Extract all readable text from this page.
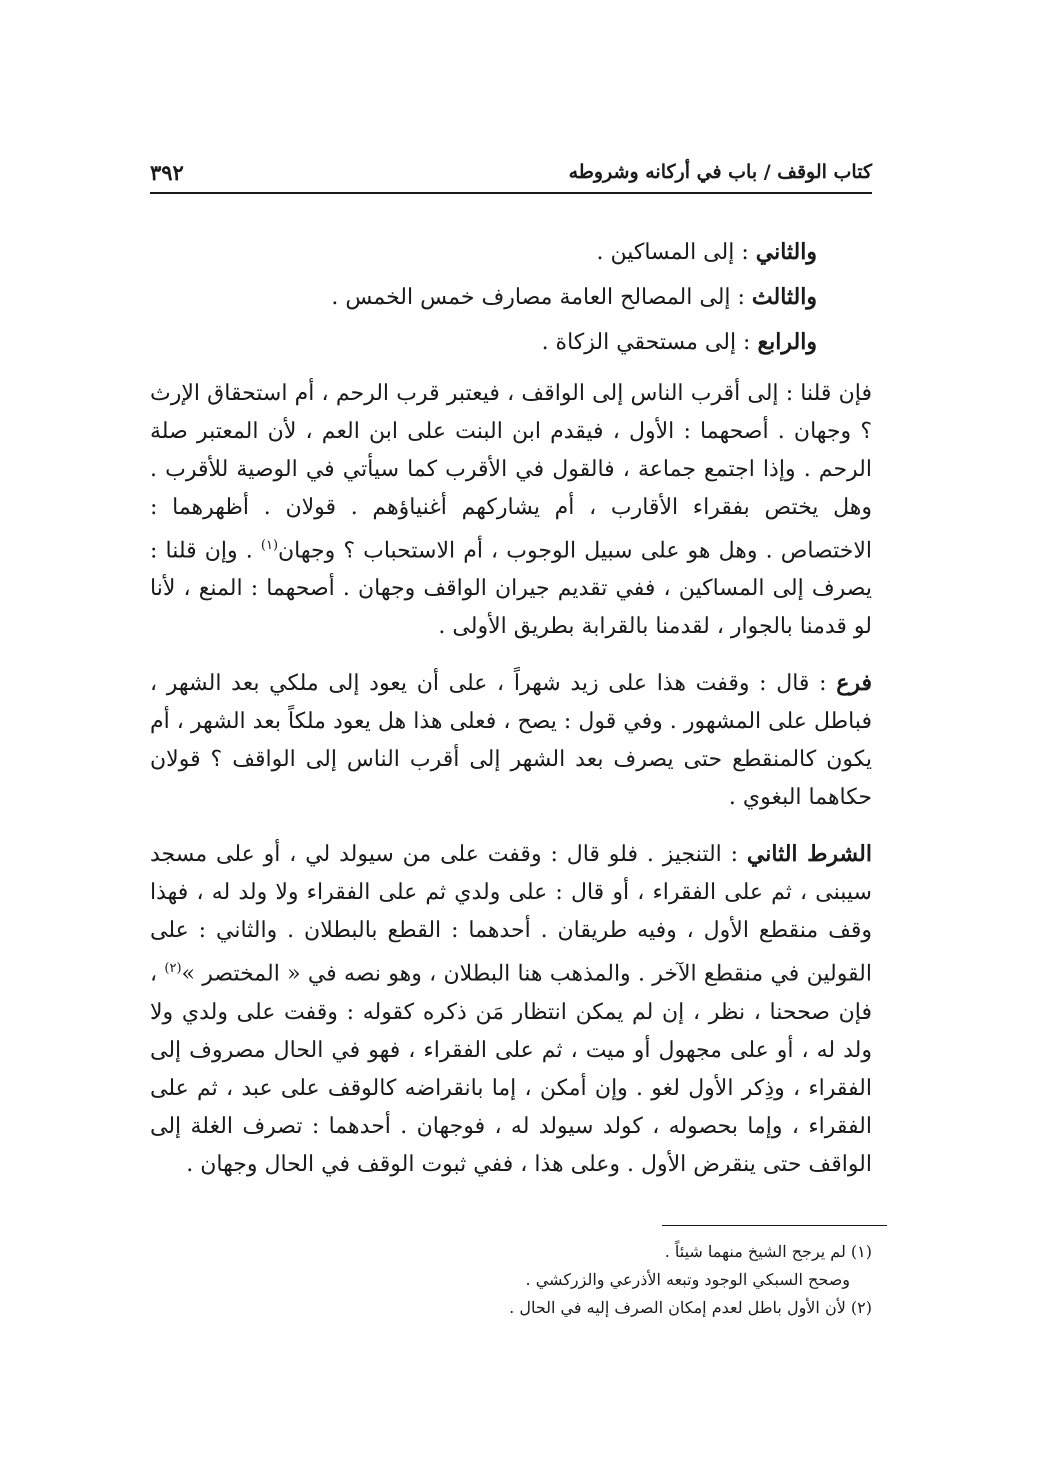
كتاب الوقف / باب في أركانه وشروطه
٣٩٢
والثاني : إلى المساكين .
والثالث : إلى المصالح العامة مصارف خمس الخمس .
والرابع : إلى مستحقي الزكاة .

فإن قلنا : إلى أقرب الناس إلى الواقف ، فيعتبر قرب الرحم ، أم استحقاق الإرث ؟ وجهان . أصحهما : الأول ، فيقدم ابن البنت على ابن العم ، لأن المعتبر صلة الرحم . وإذا اجتمع جماعة ، فالقول في الأقرب كما سيأتي في الوصية للأقرب . وهل يختص بفقراء الأقارب ، أم يشاركهم أغنياؤهم . قولان . أظهرهما : الاختصاص . وهل هو على سبيل الوجوب ، أم الاستحباب ؟ وجهان$^{(١)}$ . وإن قلنا : يصرف إلى المساكين ، ففي تقديم جيران الواقف وجهان . أصحهما : المنع ، لأنا لو قدمنا بالجوار ، لقدمنا بالقرابة بطريق الأولى .

فرع : قال : وقفت هذا على زيد شهراً ، على أن يعود إلى ملكي بعد الشهر ، فباطل على المشهور . وفي قول : يصح ، فعلى هذا هل يعود ملكاً بعد الشهر ، أم يكون كالمنقطع حتى يصرف بعد الشهر إلى أقرب الناس إلى الواقف ؟ قولان حكاهما البغوي .

الشرط الثاني : التنجيز . فلو قال : وقفت على من سيولد لي ، أو على مسجد سيبنى ، ثم على الفقراء ، أو قال : على ولدي ثم على الفقراء ولا ولد له ، فهذا وقف منقطع الأول ، وفيه طريقان . أحدهما : القطع بالبطلان . والثاني : على القولين في منقطع الآخر . والمذهب هنا البطلان ، وهو نصه في « المختصر »$^{(٢)}$ ، فإن صححنا ، نظر ، إن لم يمكن انتظار مَن ذكره كقوله : وقفت على ولدي ولا ولد له ، أو على مجهول أو ميت ، ثم على الفقراء ، فهو في الحال مصروف إلى الفقراء ، وذِكر الأول لغو . وإن أمكن ، إما بانقراضه كالوقف على عبد ، ثم على الفقراء ، وإما بحصوله ، كولد سيولد له ، فوجهان . أحدهما : تصرف الغلة إلى الواقف حتى ينقرض الأول . وعلى هذا ، ففي ثبوت الوقف في الحال وجهان .

(١) لم يرجح الشيخ منهما شيئاً .
وصحح السبكي الوجود وتبعه الأذرعي والزركشي .
(٢) لأن الأول باطل لعدم إمكان الصرف إليه في الحال .
